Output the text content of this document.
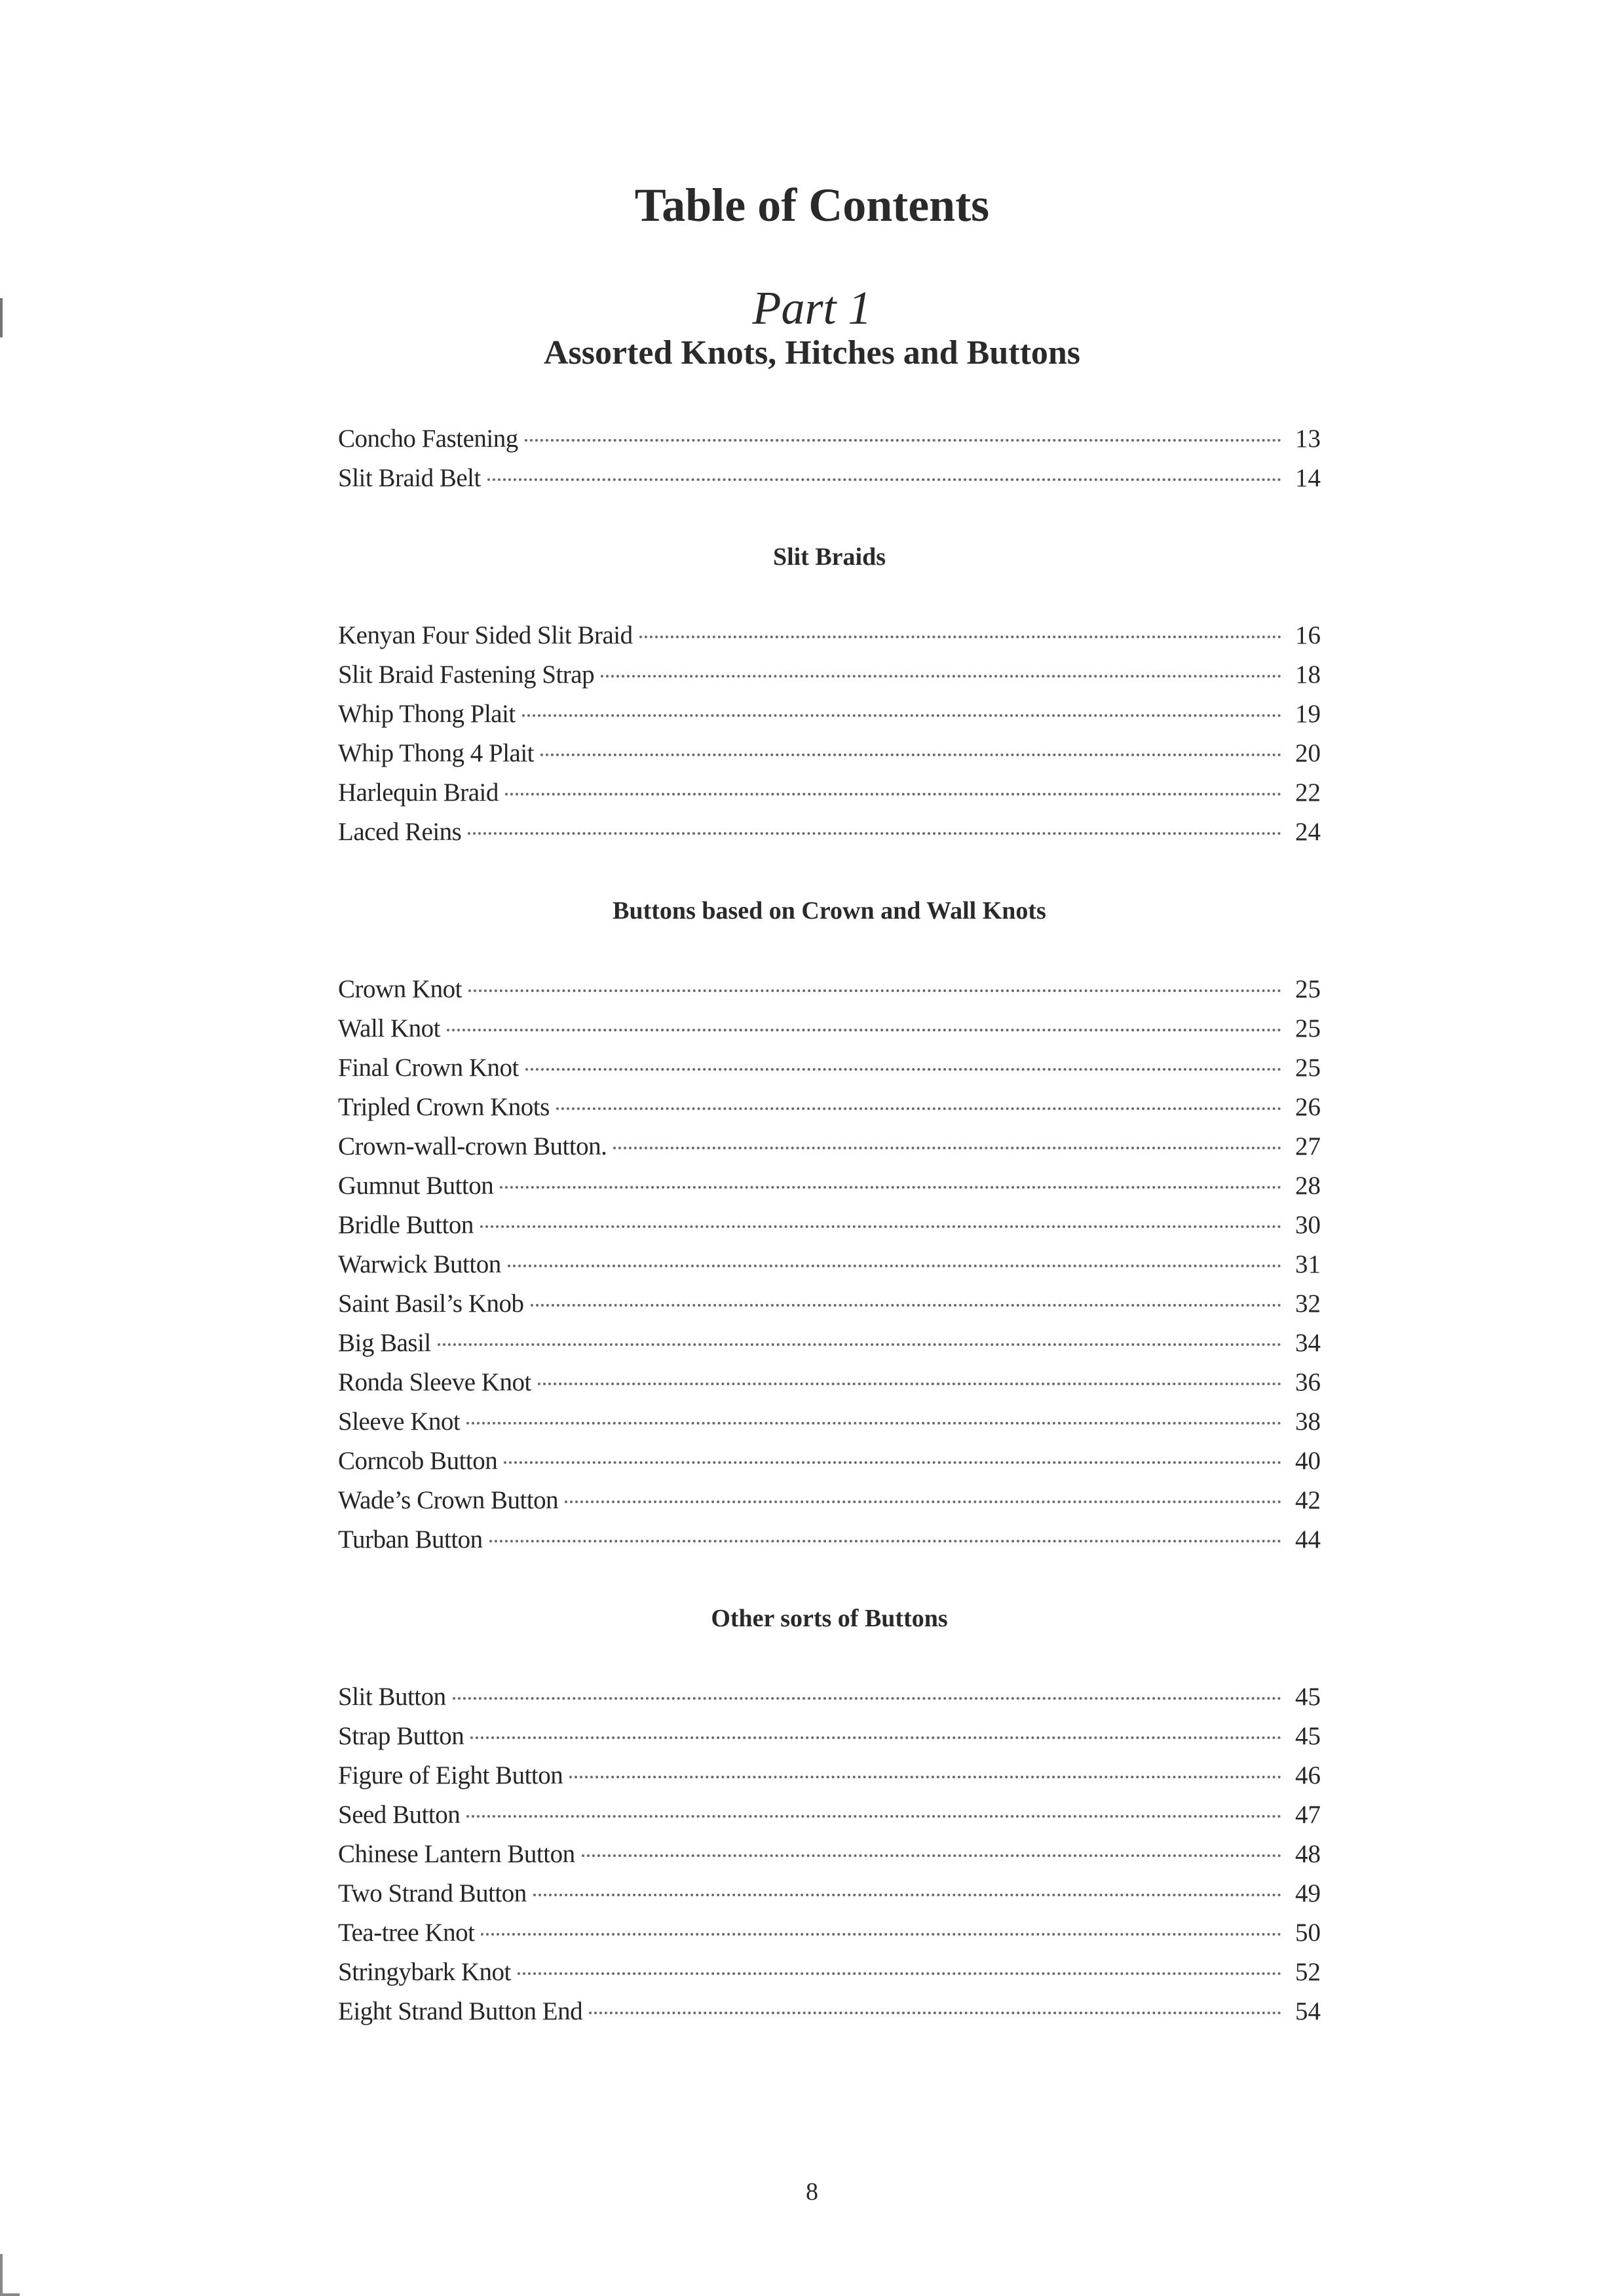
Table of Contents
Part 1
Assorted Knots, Hitches and Buttons
Concho Fastening	13
Slit Braid Belt	14
Slit Braids
Kenyan Four Sided Slit Braid	16
Slit Braid Fastening Strap	18
Whip Thong Plait	19
Whip Thong 4 Plait	20
Harlequin Braid	22
Laced Reins	24
Buttons based on Crown and Wall Knots
Crown Knot	25
Wall Knot	25
Final Crown Knot	25
Tripled Crown Knots	26
Crown-wall-crown Button.	27
Gumnut Button	28
Bridle Button	30
Warwick Button	31
Saint Basil’s Knob	32
Big Basil	34
Ronda Sleeve Knot	36
Sleeve Knot	38
Corncob Button	40
Wade’s Crown Button	42
Turban Button	44
Other sorts of Buttons
Slit Button	45
Strap Button	45
Figure of Eight Button	46
Seed Button	47
Chinese Lantern Button	48
Two Strand Button	49
Tea-tree Knot	50
Stringybark Knot	52
Eight Strand Button End	54
8
